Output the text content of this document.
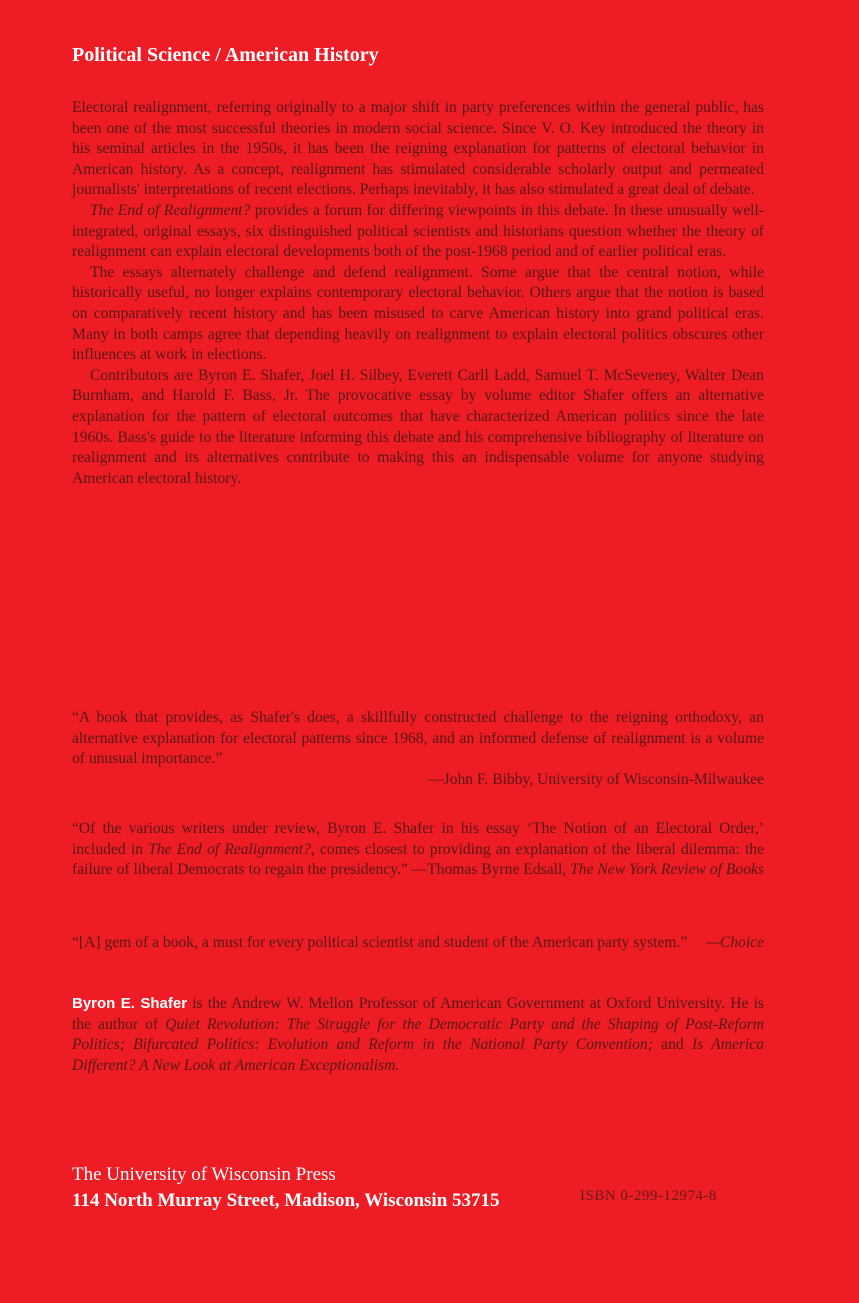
Political Science / American History

Electoral realignment, referring originally to a major shift in party preferences within the general public, has been one of the most successful theories in modern social science. Since V. O. Key introduced the theory in his seminal articles in the 1950s, it has been the reigning explanation for patterns of electoral behavior in American history. As a concept, realignment has stimulated considerable scholarly output and permeated journalists' interpretations of recent elections. Perhaps inevitably, it has also stimulated a great deal of debate.

The End of Realignment? provides a forum for differing viewpoints in this debate. In these unusually well-integrated, original essays, six distinguished political scientists and historians question whether the theory of realignment can explain electoral developments both of the post-1968 period and of earlier political eras.

The essays alternately challenge and defend realignment. Some argue that the central notion, while historically useful, no longer explains contemporary electoral behavior. Others argue that the notion is based on comparatively recent history and has been misused to carve American history into grand political eras. Many in both camps agree that depending heavily on realignment to explain electoral politics obscures other influences at work in elections.

Contributors are Byron E. Shafer, Joel H. Silbey, Everett Carll Ladd, Samuel T. McSeveney, Walter Dean Burnham, and Harold F. Bass, Jr. The provocative essay by volume editor Shafer offers an alternative explanation for the pattern of electoral outcomes that have characterized American politics since the late 1960s. Bass's guide to the literature informing this debate and his comprehensive bibliography of literature on realignment and its alternatives contribute to making this an indispensable volume for anyone studying American electoral history.

“A book that provides, as Shafer's does, a skillfully constructed challenge to the reigning orthodoxy, an alternative explanation for electoral patterns since 1968, and an informed defense of realignment is a volume of unusual importance.”
—John F. Bibby, University of Wisconsin-Milwaukee
“Of the various writers under review, Byron E. Shafer in his essay ‘The Notion of an Electoral Order,’ included in The End of Realignment?, comes closest to providing an explanation of the liberal dilemma: the failure of liberal Democrats to regain the presidency.” —Thomas Byrne Edsall, The New York Review of Books
“[A] gem of a book, a must for every political scientist and student of the American party system.” —Choice
Byron E. Shafer is the Andrew W. Mellon Professor of American Government at Oxford University. He is the author of Quiet Revolution: The Struggle for the Democratic Party and the Shaping of Post-Reform Politics; Bifurcated Politics: Evolution and Reform in the National Party Convention; and Is America Different? A New Look at American Exceptionalism.
The University of Wisconsin Press
114 North Murray Street, Madison, Wisconsin 53715	ISBN 0-299-12974-8
